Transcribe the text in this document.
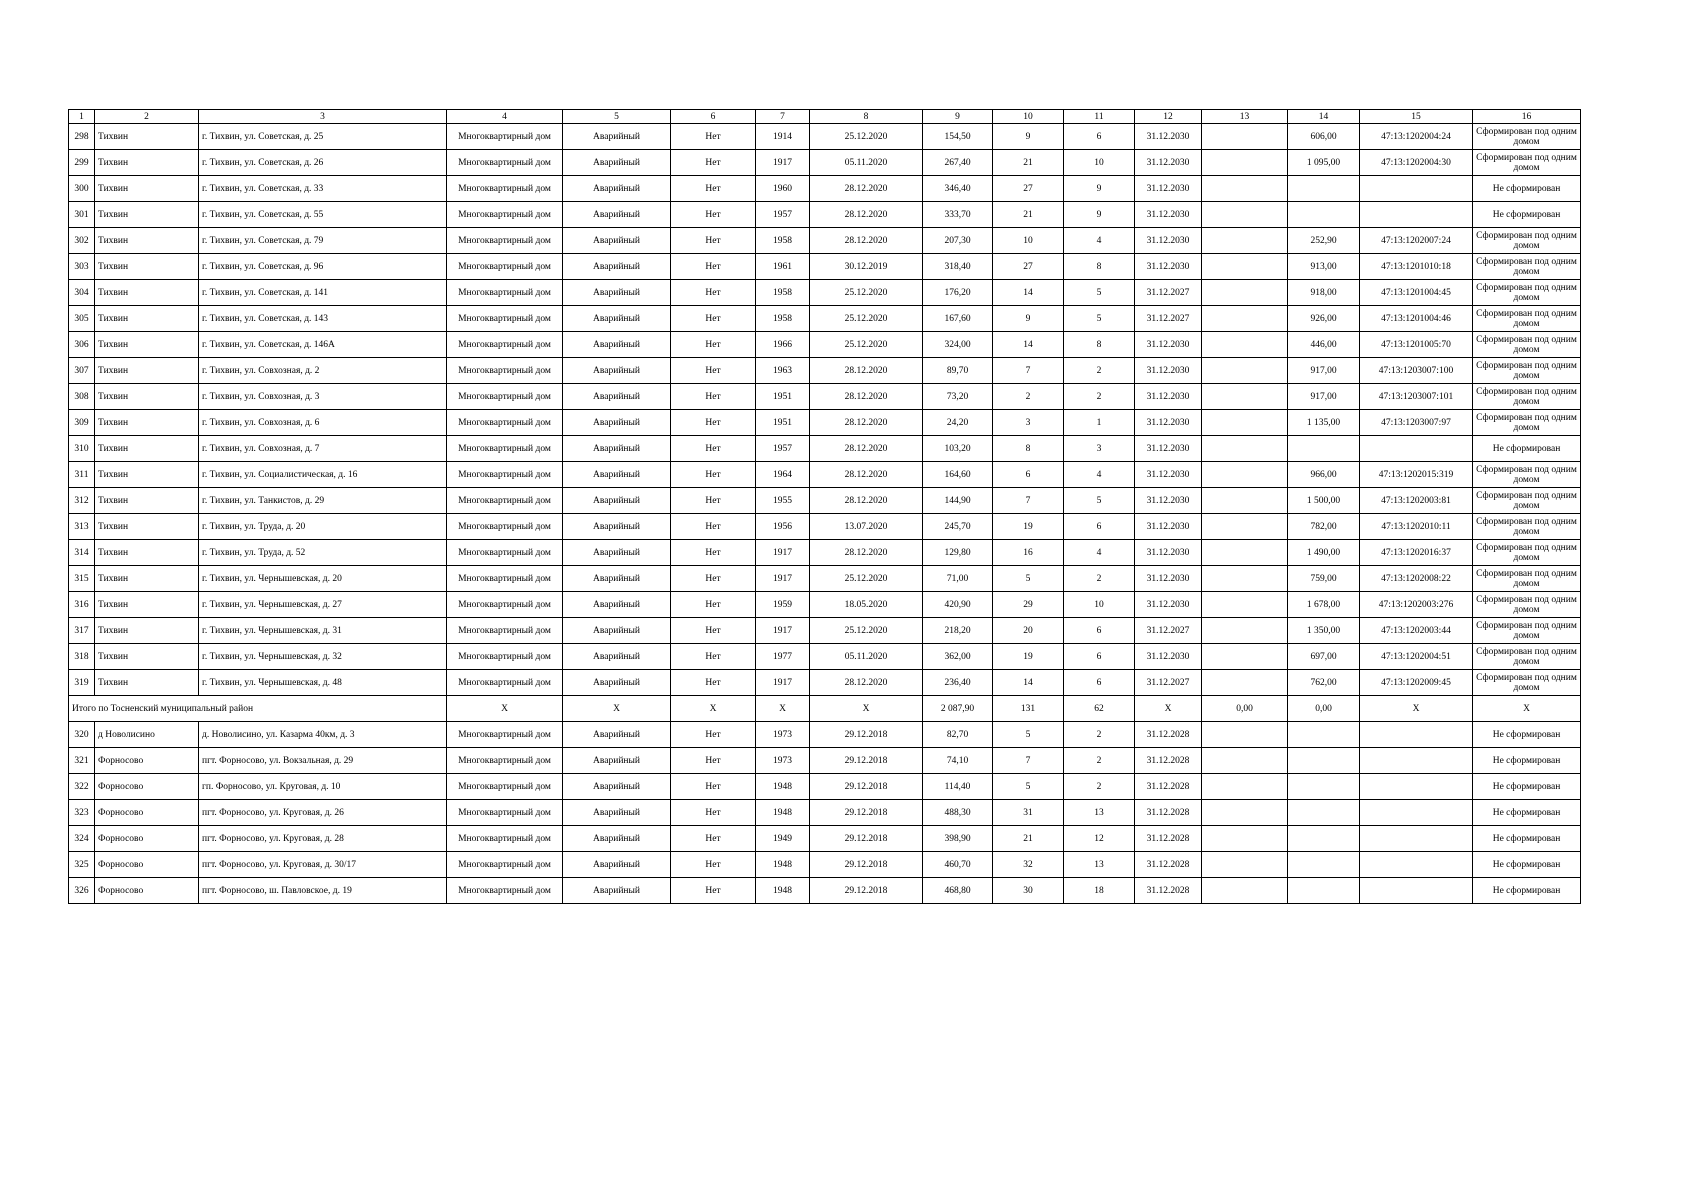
1	2	3	4	5	6	7	8	9	10	11	12	13	14	15	16
298	Тихвин	г. Тихвин, ул. Советская, д. 25	Многоквартирный дом	Аварийный	Нет	1914	25.12.2020	154,50	9	6	31.12.2030		606,00	47:13:1202004:24	Сформирован под одним домом
299	Тихвин	г. Тихвин, ул. Советская, д. 26	Многоквартирный дом	Аварийный	Нет	1917	05.11.2020	267,40	21	10	31.12.2030		1 095,00	47:13:1202004:30	Сформирован под одним домом
300	Тихвин	г. Тихвин, ул. Советская, д. 33	Многоквартирный дом	Аварийный	Нет	1960	28.12.2020	346,40	27	9	31.12.2030				Не сформирован
301	Тихвин	г. Тихвин, ул. Советская, д. 55	Многоквартирный дом	Аварийный	Нет	1957	28.12.2020	333,70	21	9	31.12.2030				Не сформирован
302	Тихвин	г. Тихвин, ул. Советская, д. 79	Многоквартирный дом	Аварийный	Нет	1958	28.12.2020	207,30	10	4	31.12.2030		252,90	47:13:1202007:24	Сформирован под одним домом
303	Тихвин	г. Тихвин, ул. Советская, д. 96	Многоквартирный дом	Аварийный	Нет	1961	30.12.2019	318,40	27	8	31.12.2030		913,00	47:13:1201010:18	Сформирован под одним домом
304	Тихвин	г. Тихвин, ул. Советская, д. 141	Многоквартирный дом	Аварийный	Нет	1958	25.12.2020	176,20	14	5	31.12.2027		918,00	47:13:1201004:45	Сформирован под одним домом
305	Тихвин	г. Тихвин, ул. Советская, д. 143	Многоквартирный дом	Аварийный	Нет	1958	25.12.2020	167,60	9	5	31.12.2027		926,00	47:13:1201004:46	Сформирован под одним домом
306	Тихвин	г. Тихвин, ул. Советская, д. 146А	Многоквартирный дом	Аварийный	Нет	1966	25.12.2020	324,00	14	8	31.12.2030		446,00	47:13:1201005:70	Сформирован под одним домом
307	Тихвин	г. Тихвин, ул. Совхозная, д. 2	Многоквартирный дом	Аварийный	Нет	1963	28.12.2020	89,70	7	2	31.12.2030		917,00	47:13:1203007:100	Сформирован под одним домом
308	Тихвин	г. Тихвин, ул. Совхозная, д. 3	Многоквартирный дом	Аварийный	Нет	1951	28.12.2020	73,20	2	2	31.12.2030		917,00	47:13:1203007:101	Сформирован под одним домом
309	Тихвин	г. Тихвин, ул. Совхозная, д. 6	Многоквартирный дом	Аварийный	Нет	1951	28.12.2020	24,20	3	1	31.12.2030		1 135,00	47:13:1203007:97	Сформирован под одним домом
310	Тихвин	г. Тихвин, ул. Совхозная, д. 7	Многоквартирный дом	Аварийный	Нет	1957	28.12.2020	103,20	8	3	31.12.2030				Не сформирован
311	Тихвин	г. Тихвин, ул. Социалистическая, д. 16	Многоквартирный дом	Аварийный	Нет	1964	28.12.2020	164,60	6	4	31.12.2030		966,00	47:13:1202015:319	Сформирован под одним домом
312	Тихвин	г. Тихвин, ул. Танкистов, д. 29	Многоквартирный дом	Аварийный	Нет	1955	28.12.2020	144,90	7	5	31.12.2030		1 500,00	47:13:1202003:81	Сформирован под одним домом
313	Тихвин	г. Тихвин, ул. Труда, д. 20	Многоквартирный дом	Аварийный	Нет	1956	13.07.2020	245,70	19	6	31.12.2030		782,00	47:13:1202010:11	Сформирован под одним домом
314	Тихвин	г. Тихвин, ул. Труда, д. 52	Многоквартирный дом	Аварийный	Нет	1917	28.12.2020	129,80	16	4	31.12.2030		1 490,00	47:13:1202016:37	Сформирован под одним домом
315	Тихвин	г. Тихвин, ул. Чернышевская, д. 20	Многоквартирный дом	Аварийный	Нет	1917	25.12.2020	71,00	5	2	31.12.2030		759,00	47:13:1202008:22	Сформирован под одним домом
316	Тихвин	г. Тихвин, ул. Чернышевская, д. 27	Многоквартирный дом	Аварийный	Нет	1959	18.05.2020	420,90	29	10	31.12.2030		1 678,00	47:13:1202003:276	Сформирован под одним домом
317	Тихвин	г. Тихвин, ул. Чернышевская, д. 31	Многоквартирный дом	Аварийный	Нет	1917	25.12.2020	218,20	20	6	31.12.2027		1 350,00	47:13:1202003:44	Сформирован под одним домом
318	Тихвин	г. Тихвин, ул. Чернышевская, д. 32	Многоквартирный дом	Аварийный	Нет	1977	05.11.2020	362,00	19	6	31.12.2030		697,00	47:13:1202004:51	Сформирован под одним домом
319	Тихвин	г. Тихвин, ул. Чернышевская, д. 48	Многоквартирный дом	Аварийный	Нет	1917	28.12.2020	236,40	14	6	31.12.2027		762,00	47:13:1202009:45	Сформирован под одним домом
Итого по Тосненский муниципальный район			X	X	X	X	X	2 087,90	131	62	X	0,00	0,00	X	X
320	д Новолисино	д. Новолисино, ул. Казарма 40км, д. 3	Многоквартирный дом	Аварийный	Нет	1973	29.12.2018	82,70	5	2	31.12.2028				Не сформирован
321	Форносово	пгт. Форносово, ул. Вокзальная, д. 29	Многоквартирный дом	Аварийный	Нет	1973	29.12.2018	74,10	7	2	31.12.2028				Не сформирован
322	Форносово	гп. Форносово, ул. Круговая, д. 10	Многоквартирный дом	Аварийный	Нет	1948	29.12.2018	114,40	5	2	31.12.2028				Не сформирован
323	Форносово	пгт. Форносово, ул. Круговая, д. 26	Многоквартирный дом	Аварийный	Нет	1948	29.12.2018	488,30	31	13	31.12.2028				Не сформирован
324	Форносово	пгт. Форносово, ул. Круговая, д. 28	Многоквартирный дом	Аварийный	Нет	1949	29.12.2018	398,90	21	12	31.12.2028				Не сформирован
325	Форносово	пгт. Форносово, ул. Круговая, д. 30/17	Многоквартирный дом	Аварийный	Нет	1948	29.12.2018	460,70	32	13	31.12.2028				Не сформирован
326	Форносово	пгт. Форносово, ш. Павловское, д. 19	Многоквартирный дом	Аварийный	Нет	1948	29.12.2018	468,80	30	18	31.12.2028				Не сформирован
